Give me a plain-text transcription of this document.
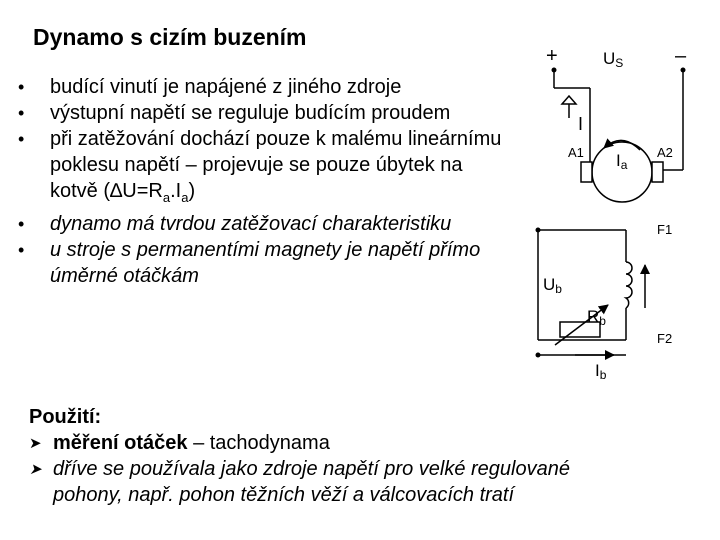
Dynamo s cizím buzením
• budící vinutí je napájené z jiného zdroje
• výstupní napětí se reguluje budícím proudem
• při zatěžování dochází pouze k malému lineárnímu poklesu napětí – projevuje se pouze úbytek na kotvě $(\Delta U=R_a.I_a)$
• dynamo má tvrdou zatěžovací charakteristiku
• u stroje s permanentími magnety je napětí přímo úměrné otáčkám
Použití:
➤ měření otáček – tachodynama
➤ dříve se používala jako zdroje napětí pro velké regulované
pohony, např. pohon těžních věží a válcovacích tratí
+	US	–
I
A1	A2
Ia
F1
Ub
Rb
F2
Ib
